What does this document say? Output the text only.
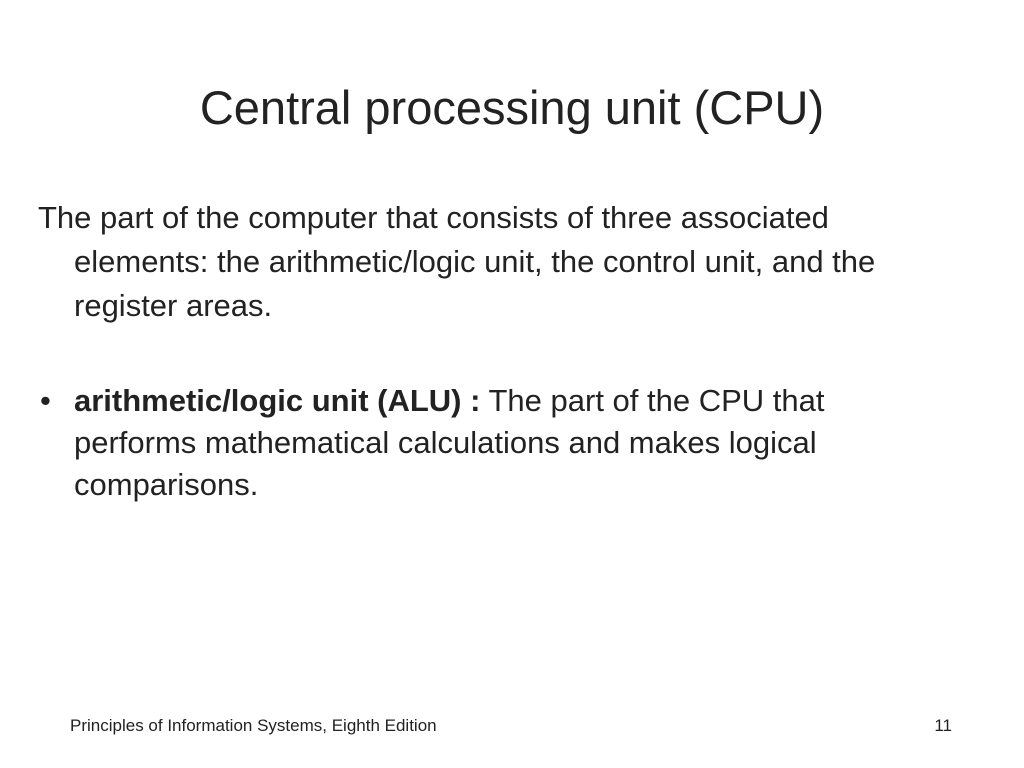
Central processing unit (CPU)

The part of the computer that consists of three associated elements: the arithmetic/logic unit, the control unit, and the register areas.

• arithmetic/logic unit (ALU) : The part of the CPU that performs mathematical calculations and makes logical comparisons.
Principles of Information Systems, Eighth Edition	11
